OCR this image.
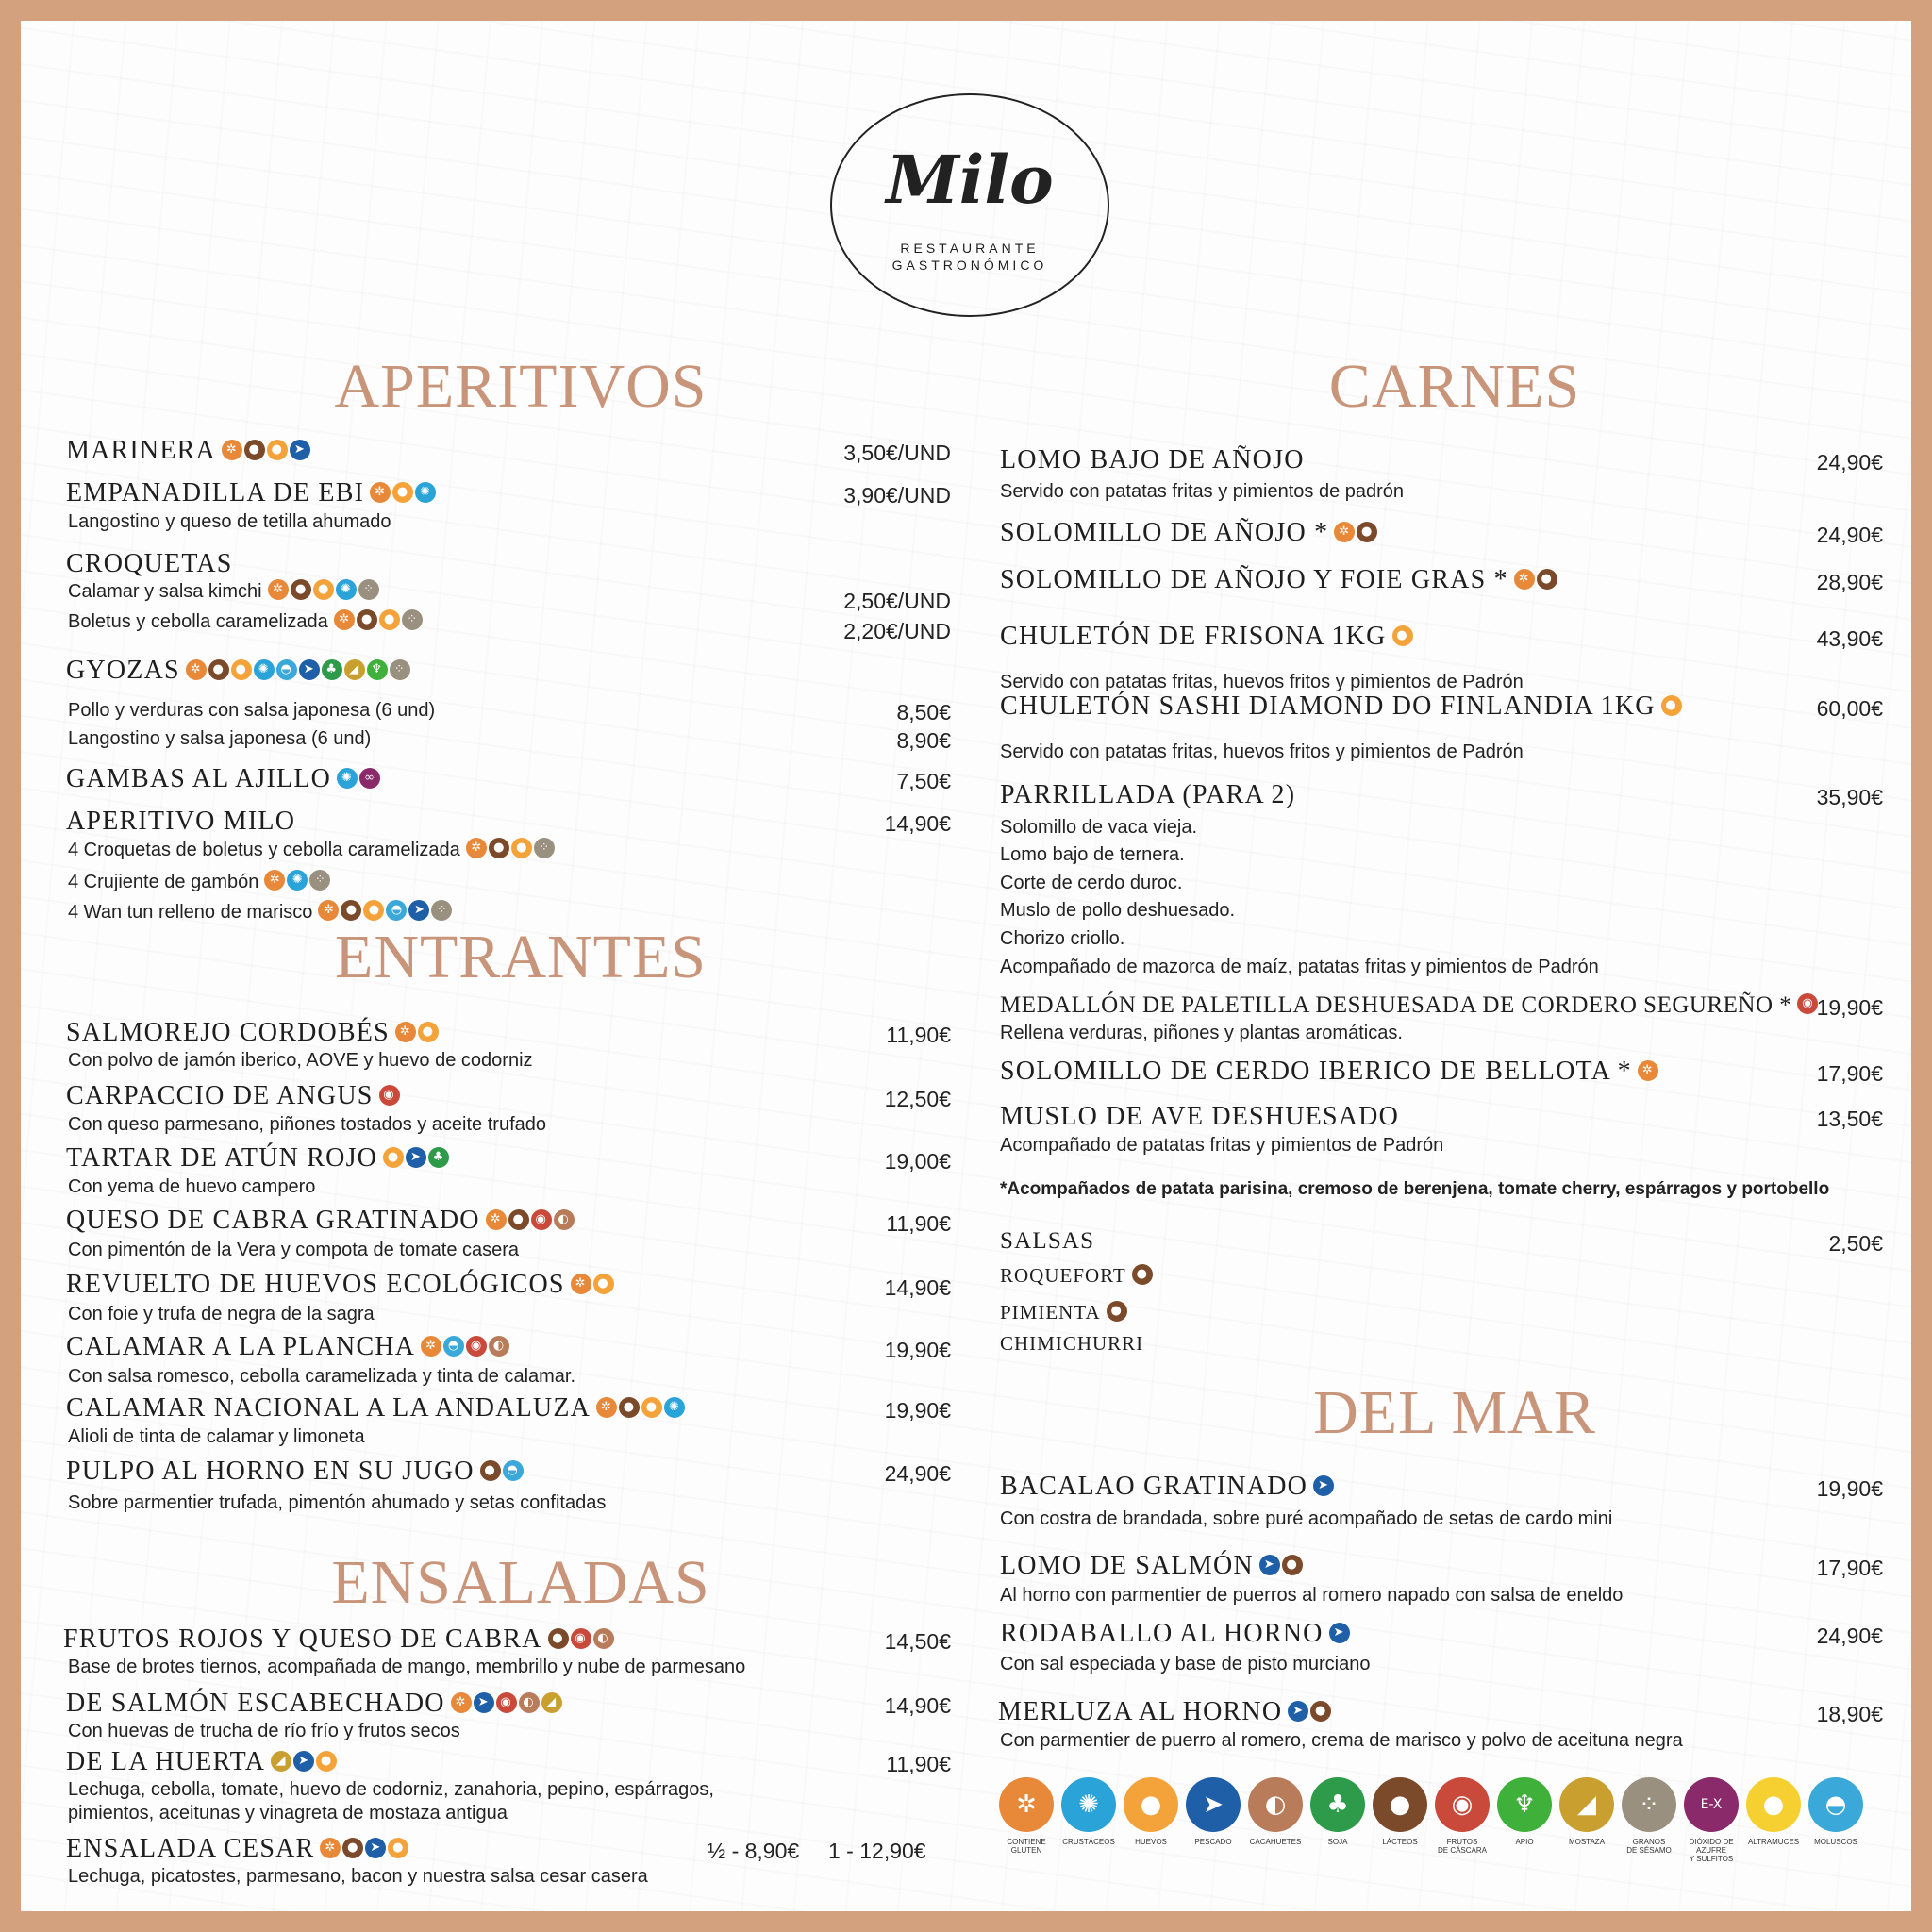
Milo
RESTAURANTE
GASTRONÓMICO
APERITIVOS
MARINERA ✲ ● ● ➤	3,50€/UND
EMPANADILLA DE EBI ✲ ● ✺
Langostino y queso de tetilla ahumado
3,90€/UND
CROQUETAS
Calamar y salsa kimchi ✲ ● ● ✺	⁘	2,50€/UND
Boletus y cebolla caramelizada ✲ ● ● ⁘	2,20€/UND
GYOZAS ✲ ● ● ✺ ◓ ➤ ♣ ◢ ♆ ⁘
Pollo y verduras con salsa japonesa (6 und)	8,50€
Langostino y salsa japonesa (6 und)	8,90€
GAMBAS AL AJILLO ✺ ∞	7,50€
APERITIVO MILO	14,90€
4 Croquetas de boletus y cebolla caramelizada ✲ ● ● ⁘
4 Crujiente de gambón ✲	✺	⁘
4 Wan tun relleno de marisco ✲ ● ● ◓ ➤	⁘
ENTRANTES
SALMOREJO CORDOBÉS ✲ ●
Con polvo de jamón iberico, AOVE y huevo de codorniz
11,90€
CARPACCIO DE ANGUS ◉
Con queso parmesano, piñones tostados y aceite trufado
12,50€
TARTAR DE ATÚN ROJO ● ➤ ♣
Con yema de huevo campero
19,00€
QUESO DE CABRA GRATINADO ✲ ● ◉ ◐
Con pimentón de la Vera y compota de tomate casera
11,90€
REVUELTO DE HUEVOS ECOLÓGICOS ✲ ●
Con foie y trufa de negra de la sagra
14,90€
CALAMAR A LA PLANCHA ✲ ◓ ◉ ◐
Con salsa romesco, cebolla caramelizada y tinta de calamar.
19,90€
CALAMAR NACIONAL A LA ANDALUZA ✲ ● ● ✺
Alioli de tinta de calamar y limoneta
19,90€
PULPO AL HORNO EN SU JUGO ● ◓
Sobre parmentier trufada, pimentón ahumado y setas confitadas
24,90€
ENSALADAS
FRUTOS ROJOS Y QUESO DE CABRA ● ◉ ◐
Base de brotes tiernos, acompañada de mango, membrillo y nube de parmesano
14,50€
DE SALMÓN ESCABECHADO ✲ ➤ ◉ ◐ ◢
Con huevas de trucha de río frío y frutos secos
14,90€
DE LA HUERTA ◢ ➤ ●
Lechuga, cebolla, tomate, huevo de codorniz, zanahoria, pepino, espárragos,
pimientos, aceitunas y vinagreta de mostaza antigua
11,90€
ENSALADA CESAR ✲ ● ➤ ●
Lechuga, picatostes, parmesano, bacon y nuestra salsa cesar casera
½ - 8,90€ 1 - 12,90€
CARNES
LOMO BAJO DE AÑOJO
Servido con patatas fritas y pimientos de padrón
24,90€
SOLOMILLO DE AÑOJO * ✲ ●	24,90€
SOLOMILLO DE AÑOJO Y FOIE GRAS * ✲ ●	28,90€
CHULETÓN DE FRISONA 1KG ●
Servido con patatas fritas, huevos fritos y pimientos de Padrón
43,90€
CHULETÓN SASHI DIAMOND DO FINLANDIA 1KG ●
Servido con patatas fritas, huevos fritos y pimientos de Padrón
60,00€
PARRILLADA (PARA 2)	35,90€
Solomillo de vaca vieja.
Lomo bajo de ternera.
Corte de cerdo duroc.
Muslo de pollo deshuesado.
Chorizo criollo.
Acompañado de mazorca de maíz, patatas fritas y pimientos de Padrón
MEDALLÓN DE PALETILLA DESHUESADA DE CORDERO SEGUREÑO * ◉
Rellena verduras, piñones y plantas aromáticas.
19,90€
SOLOMILLO DE CERDO IBERICO DE BELLOTA * ✲	17,90€
MUSLO DE AVE DESHUESADO
Acompañado de patatas fritas y pimientos de Padrón
13,50€
*Acompañados de patata parisina, cremoso de berenjena, tomate cherry, espárragos y portobello
SALSAS	2,50€
ROQUEFORT ●
PIMIENTA ●
CHIMICHURRI
DEL MAR
BACALAO GRATINADO ➤
Con costra de brandada, sobre puré acompañado de setas de cardo mini
19,90€
LOMO DE SALMÓN ➤ ●
Al horno con parmentier de puerros al romero napado con salsa de eneldo
17,90€
RODABALLO AL HORNO ➤
Con sal especiada y base de pisto murciano
24,90€
MERLUZA AL HORNO ➤ ●
Con parmentier de puerro al romero, crema de marisco y polvo de aceituna negra
18,90€
✲
CONTIENE
GLUTEN
✺
CRUSTÁCEOS
●
HUEVOS
➤
PESCADO
◐
CACAHUETES
♣
SOJA
●
LÁCTEOS
◉
FRUTOS
DE CÁSCARA
♆
APIO
◢
MOSTAZA
⁘
GRANOS
DE SÉSAMO
E-X
DIÓXIDO DE AZUFRE
Y SULFITOS
●
ALTRAMUCES
◓
MOLUSCOS
